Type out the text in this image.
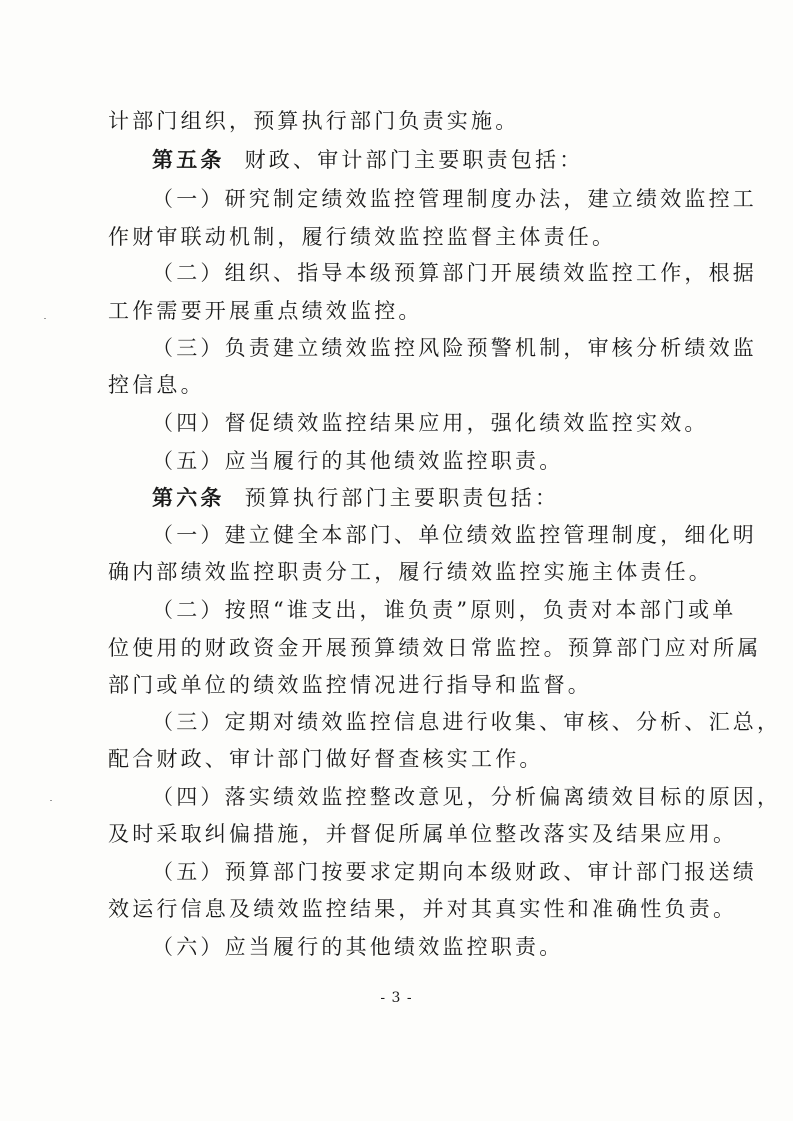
计部门组织，预算执行部门负责实施。
第五条 财政、审计部门主要职责包括：
（一）研究制定绩效监控管理制度办法，建立绩效监控工
作财审联动机制，履行绩效监控监督主体责任。
（二）组织、指导本级预算部门开展绩效监控工作，根据
工作需要开展重点绩效监控。
（三）负责建立绩效监控风险预警机制，审核分析绩效监
控信息。
（四）督促绩效监控结果应用，强化绩效监控实效。
（五）应当履行的其他绩效监控职责。
第六条 预算执行部门主要职责包括：
（一）建立健全本部门、单位绩效监控管理制度，细化明
确内部绩效监控职责分工，履行绩效监控实施主体责任。
（二）按照“谁支出，谁负责”原则，负责对本部门或单
位使用的财政资金开展预算绩效日常监控。预算部门应对所属
部门或单位的绩效监控情况进行指导和监督。
（三）定期对绩效监控信息进行收集、审核、分析、汇总，
配合财政、审计部门做好督查核实工作。
（四）落实绩效监控整改意见，分析偏离绩效目标的原因，
及时采取纠偏措施，并督促所属单位整改落实及结果应用。
（五）预算部门按要求定期向本级财政、审计部门报送绩
效运行信息及绩效监控结果，并对其真实性和准确性负责。
（六）应当履行的其他绩效监控职责。
- 3 -
